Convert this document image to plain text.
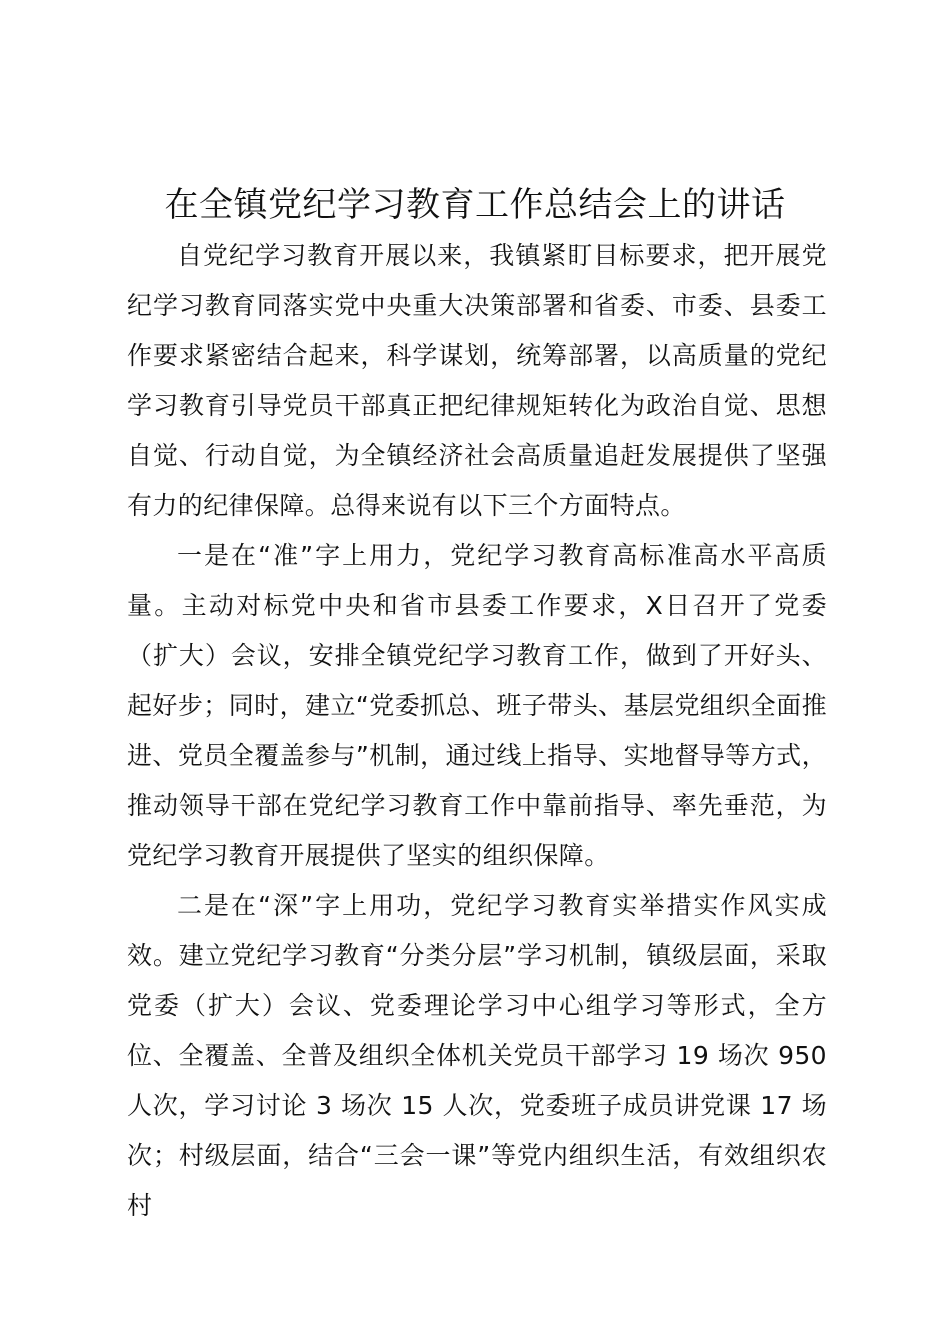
在全镇党纪学习教育工作总结会上的讲话

自党纪学习教育开展以来，我镇紧盯目标要求，把开展党纪学习教育同落实党中央重大决策部署和省委、市委、县委工作要求紧密结合起来，科学谋划，统筹部署，以高质量的党纪学习教育引导党员干部真正把纪律规矩转化为政治自觉、思想自觉、行动自觉，为全镇经济社会高质量追赶发展提供了坚强有力的纪律保障。总得来说有以下三个方面特点。

一是在“准”字上用力，党纪学习教育高标准高水平高质量。主动对标党中央和省市县委工作要求，X日召开了党委（扩大）会议，安排全镇党纪学习教育工作，做到了开好头、起好步；同时，建立“党委抓总、班子带头、基层党组织全面推进、党员全覆盖参与”机制，通过线上指导、实地督导等方式，推动领导干部在党纪学习教育工作中靠前指导、率先垂范，为党纪学习教育开展提供了坚实的组织保障。

二是在“深”字上用功，党纪学习教育实举措实作风实成效。建立党纪学习教育“分类分层”学习机制，镇级层面，采取党委（扩大）会议、党委理论学习中心组学习等形式，全方位、全覆盖、全普及组织全体机关党员干部学习 19 场次 950 人次，学习讨论 3 场次 15 人次，党委班子成员讲党课 17 场次；村级层面，结合“三会一课”等党内组织生活，有效组织农村
